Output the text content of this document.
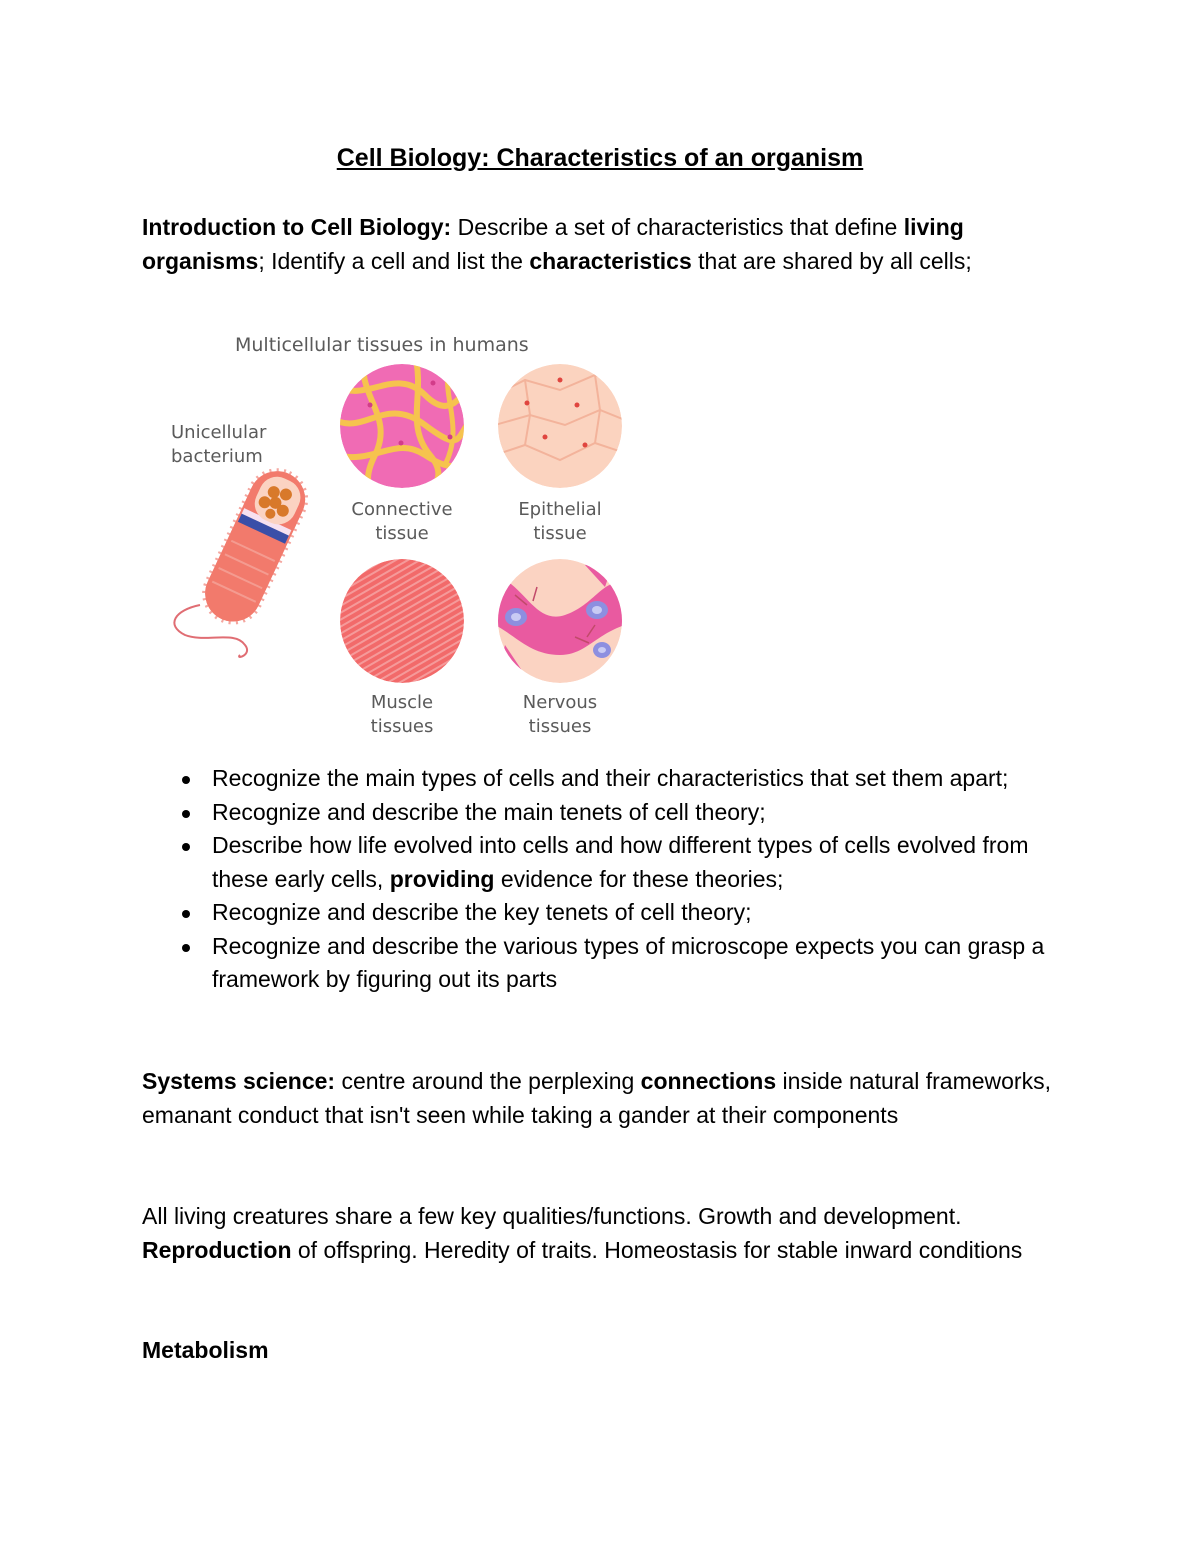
Cell Biology: Characteristics of an organism
Introduction to Cell Biology: Describe a set of characteristics that define living organisms; Identify a cell and list the characteristics that are shared by all cells;
Multicellular tissues in humans
Unicellular
bacterium
Connective
tissue
Epithelial
tissue
Muscle
tissues
Nervous
tissues
Recognize the main types of cells and their characteristics that set them apart;
Recognize and describe the main tenets of cell theory;
Describe how life evolved into cells and how different types of cells evolved from these early cells, providing evidence for these theories;
Recognize and describe the key tenets of cell theory;
Recognize and describe the various types of microscope expects you can grasp a framework by figuring out its parts
Systems science: centre around the perplexing connections inside natural frameworks, emanant conduct that isn't seen while taking a gander at their components
All living creatures share a few key qualities/functions. Growth and development. Reproduction of offspring. Heredity of traits. Homeostasis for stable inward conditions
Metabolism
